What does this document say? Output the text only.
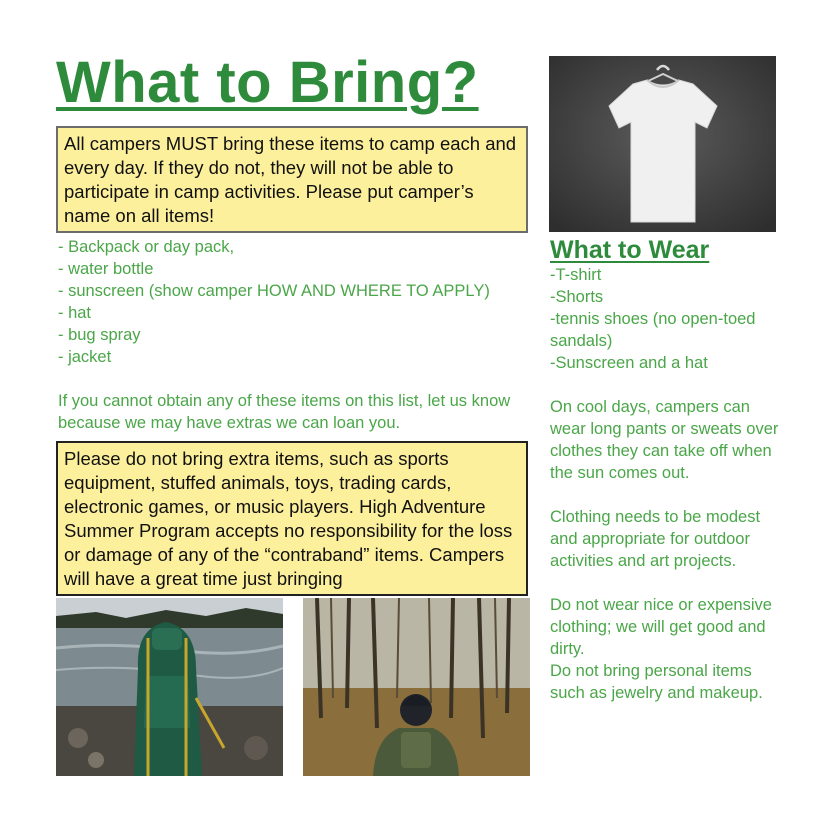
What to Bring?
All campers MUST bring these items to camp each and every day. If they do not, they will not be able to participate in camp activities. Please put camper’s name on all items!
- Backpack or day pack,
- water bottle
- sunscreen (show camper HOW AND WHERE TO APPLY)
- hat
- bug spray
- jacket

If you cannot obtain any of these items on this list, let us know because we may have extras we can loan you.

Please do not bring extra items, such as sports equipment, stuffed animals, toys, trading cards, electronic games, or music players. High Adventure Summer Program accepts no responsibility for the loss or damage of any of the “contraband” items. Campers will have a great time just bringing
What to Wear

-T-shirt

-Shorts

-tennis shoes (no open-toed sandals)

-Sunscreen and a hat

On cool days, campers can wear long pants or sweats over clothes they can take off when the sun comes out.

Clothing needs to be modest and appropriate for outdoor activities and art projects.

Do not wear nice or expensive clothing; we will get good and dirty.

Do not bring personal items such as jewelry and makeup.
